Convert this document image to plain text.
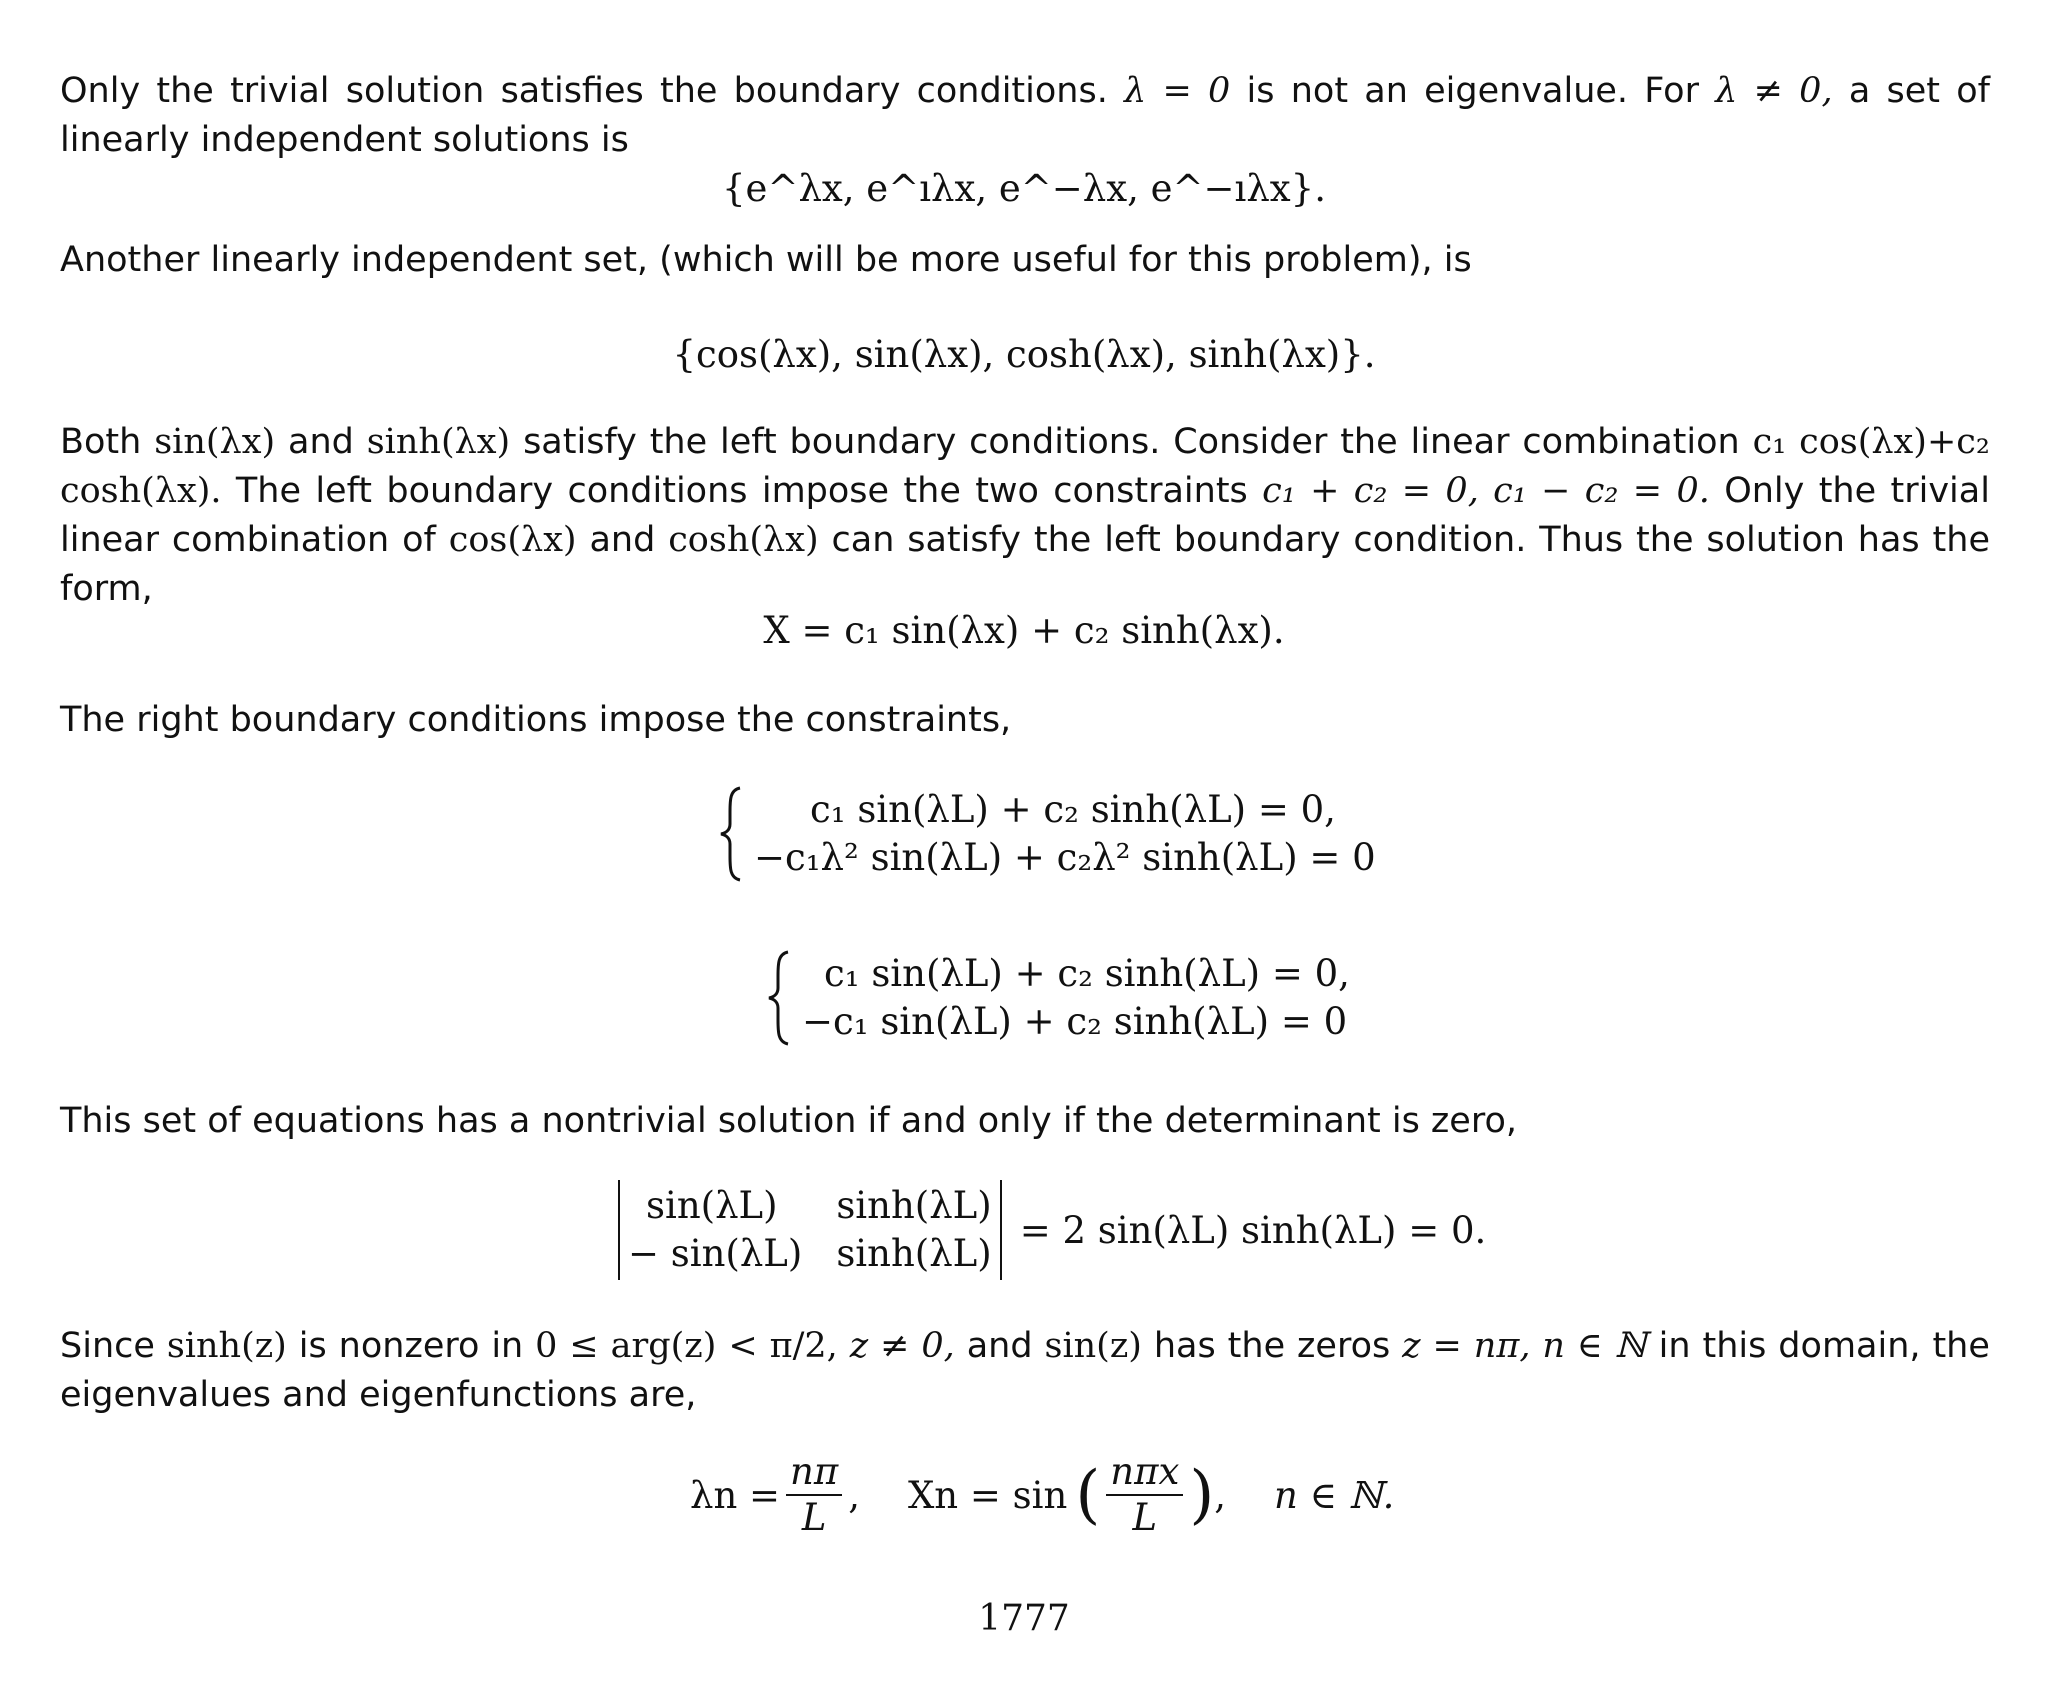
Only the trivial solution satisfies the boundary conditions. λ = 0 is not an eigenvalue. For λ ≠ 0, a set of linearly independent solutions is

{e^λx, e^ıλx, e^−λx, e^−ıλx}.

Another linearly independent set, (which will be more useful for this problem), is

{cos(λx), sin(λx), cosh(λx), sinh(λx)}.

Both sin(λx) and sinh(λx) satisfy the left boundary conditions. Consider the linear combination c₁ cos(λx)+c₂ cosh(λx). The left boundary conditions impose the two constraints c₁ + c₂ = 0, c₁ − c₂ = 0. Only the trivial linear combination of cos(λx) and cosh(λx) can satisfy the left boundary condition. Thus the solution has the form,

X = c₁ sin(λx) + c₂ sinh(λx).

The right boundary conditions impose the constraints,

c₁ sin(λL) + c₂ sinh(λL) = 0,
−c₁λ² sin(λL) + c₂λ² sinh(λL) = 0
c₁ sin(λL) + c₂ sinh(λL) = 0,
−c₁ sin(λL) + c₂ sinh(λL) = 0

This set of equations has a nontrivial solution if and only if the determinant is zero,

sin(λL)	sinh(λL)
− sin(λL) sinh(λL)
= 2 sin(λL) sinh(λL) = 0.

Since sinh(z) is nonzero in 0 ≤ arg(z) < π/2, z ≠ 0, and sin(z) has the zeros z = nπ, n ∈ ℕ in this domain, the eigenvalues and eigenfunctions are,

$\lambda n = \frac{n\pi}{L}$ , Xn = sin ( $\frac{\text{nπx}}{L}$ ) , n ∈ ℕ.
1777
